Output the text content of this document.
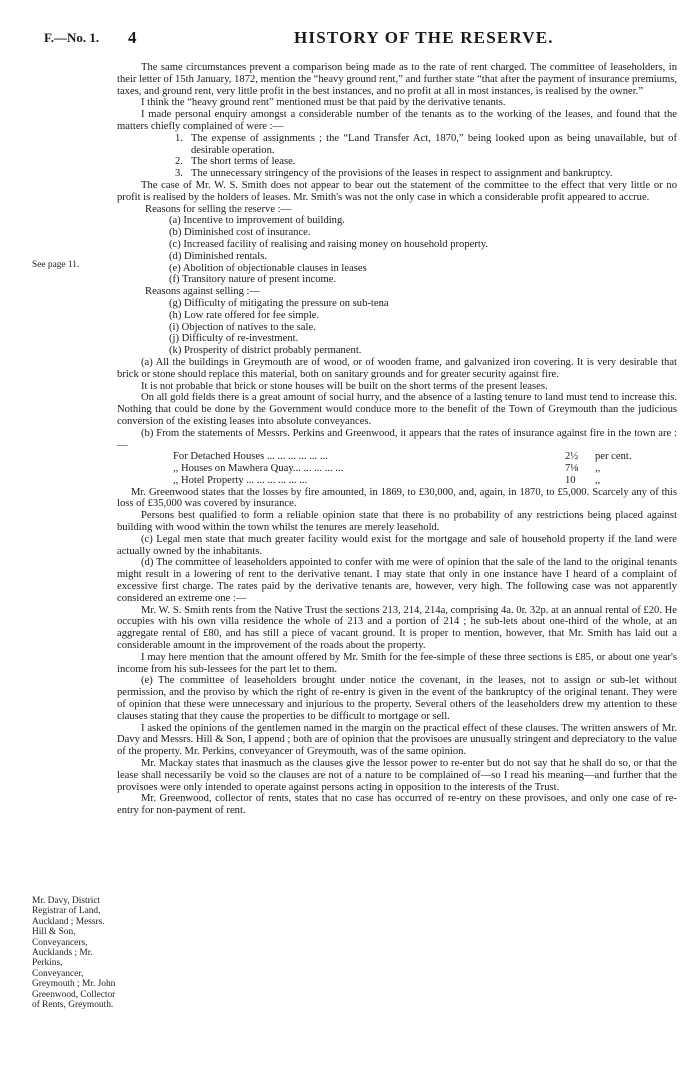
F.—No. 1. 4	HISTORY OF THE RESERVE.
See page 11.
Mr. Davy, District Registrar of Land, Auckland ; Messrs. Hill & Son, Conveyancers, Aucklands ; Mr. Perkins, Conveyancer, Greymouth ; Mr. John Greenwood, Collector of Rents, Greymouth.

The same circumstances prevent a comparison being made as to the rate of rent charged. The committee of leaseholders, in their letter of 15th January, 1872, mention the “heavy ground rent,” and further state “that after the payment of insurance premiums, taxes, and ground rent, very little profit in the best instances, and no profit at all in most instances, is realised by the owner.”

I think the “heavy ground rent” mentioned must be that paid by the derivative tenants.

I made personal enquiry amongst a considerable number of the tenants as to the working of the leases, and found that the matters chiefly complained of were :—

1. The expense of assignments ; the “Land Transfer Act, 1870,” being looked upon as being unavailable, but of desirable operation.
2. The short terms of lease.
3. The unnecessary stringency of the provisions of the leases in respect to assignment and bankruptcy.

The case of Mr. W. S. Smith does not appear to bear out the statement of the committee to the effect that very little or no profit is realised by the holders of leases. Mr. Smith's was not the only case in which a considerable profit appeared to accrue.

Reasons for selling the reserve :—

(a) Incentive to improvement of building.
(b) Diminished cost of insurance.
(c) Increased facility of realising and raising money on household property.
(d) Diminished rentals.
(e) Abolition of objectionable clauses in leases
(f) Transitory nature of present income.

Reasons against selling :—

(g) Difficulty of mitigating the pressure on sub-tena
(h) Low rate offered for fee simple.
(i) Objection of natives to the sale.
(j) Difficulty of re-investment.
(k) Prosperity of district probably permanent.

(a) All the buildings in Greymouth are of wood, or of wooden frame, and galvanized iron covering. It is very desirable that brick or stone should replace this material, both on sanitary grounds and for greater security against fire.

It is not probable that brick or stone houses will be built on the short terms of the present leases.

On all gold fields there is a great amount of social hurry, and the absence of a lasting tenure to land must tend to increase this. Nothing that could be done by the Government would conduce more to the benefit of the Town of Greymouth than the judicious conversion of the existing leases into absolute conveyances.

(b) From the statements of Messrs. Perkins and Greenwood, it appears that the rates of insurance against fire in the town are :—

For Detached Houses ... ... ... ... ... ...	2½	per cent.
,, Houses on Mawhera Quay... ... ... ... ...	7⅛	,,
,, Hotel Property ... ... ... ... ... ...	10	,,

Mr. Greenwood states that the losses by fire amounted, in 1869, to £30,000, and, again, in 1870, to £5,000. Scarcely any of this loss of £35,000 was covered by insurance.

Persons best qualified to form a reliable opinion state that there is no probability of any restrictions being placed against building with wood within the town whilst the tenures are merely leasehold.

(c) Legal men state that much greater facility would exist for the mortgage and sale of household property if the land were actually owned by the inhabitants.

(d) The committee of leaseholders appointed to confer with me were of opinion that the sale of the land to the original tenants might result in a lowering of rent to the derivative tenant. I may state that only in one instance have I heard of a complaint of excessive first charge. The rates paid by the derivative tenants are, however, very high. The following case was not apparently considered an extreme one :—

Mr. W. S. Smith rents from the Native Trust the sections 213, 214, 214a, comprising 4a. 0r. 32p. at an annual rental of £20. He occupies with his own villa residence the whole of 213 and a portion of 214 ; he sub-lets about one-third of the whole, at an aggregate rental of £80, and has still a piece of vacant ground. It is proper to mention, however, that Mr. Smith has laid out a considerable amount in the improvement of the roads about the property.

I may here mention that the amount offered by Mr. Smith for the fee-simple of these three sections is £85, or about one year's income from his sub-lessees for the part let to them.

(e) The committee of leaseholders brought under notice the covenant, in the leases, not to assign or sub-let without permission, and the proviso by which the right of re-entry is given in the event of the bankruptcy of the original tenant. They were of opinion that these were unnecessary and injurious to the property. Several others of the leaseholders drew my attention to these clauses stating that they cause the properties to be difficult to mortgage or sell.

I asked the opinions of the gentlemen named in the margin on the practical effect of these clauses. The written answers of Mr. Davy and Messrs. Hill & Son, I append ; both are of opinion that the provisoes are unusually stringent and depreciatory to the value of the property. Mr. Perkins, conveyancer of Greymouth, was of the same opinion.

Mr. Mackay states that inasmuch as the clauses give the lessor power to re-enter but do not say that he shall do so, or that the lease shall necessarily be void so the clauses are not of a nature to be complained of—so I read his meaning—and further that the provisoes were only intended to operate against persons acting in opposition to the interests of the Trust.

Mr. Greenwood, collector of rents, states that no case has occurred of re-entry on these provisoes, and only one case of re-entry for non-payment of rent.
